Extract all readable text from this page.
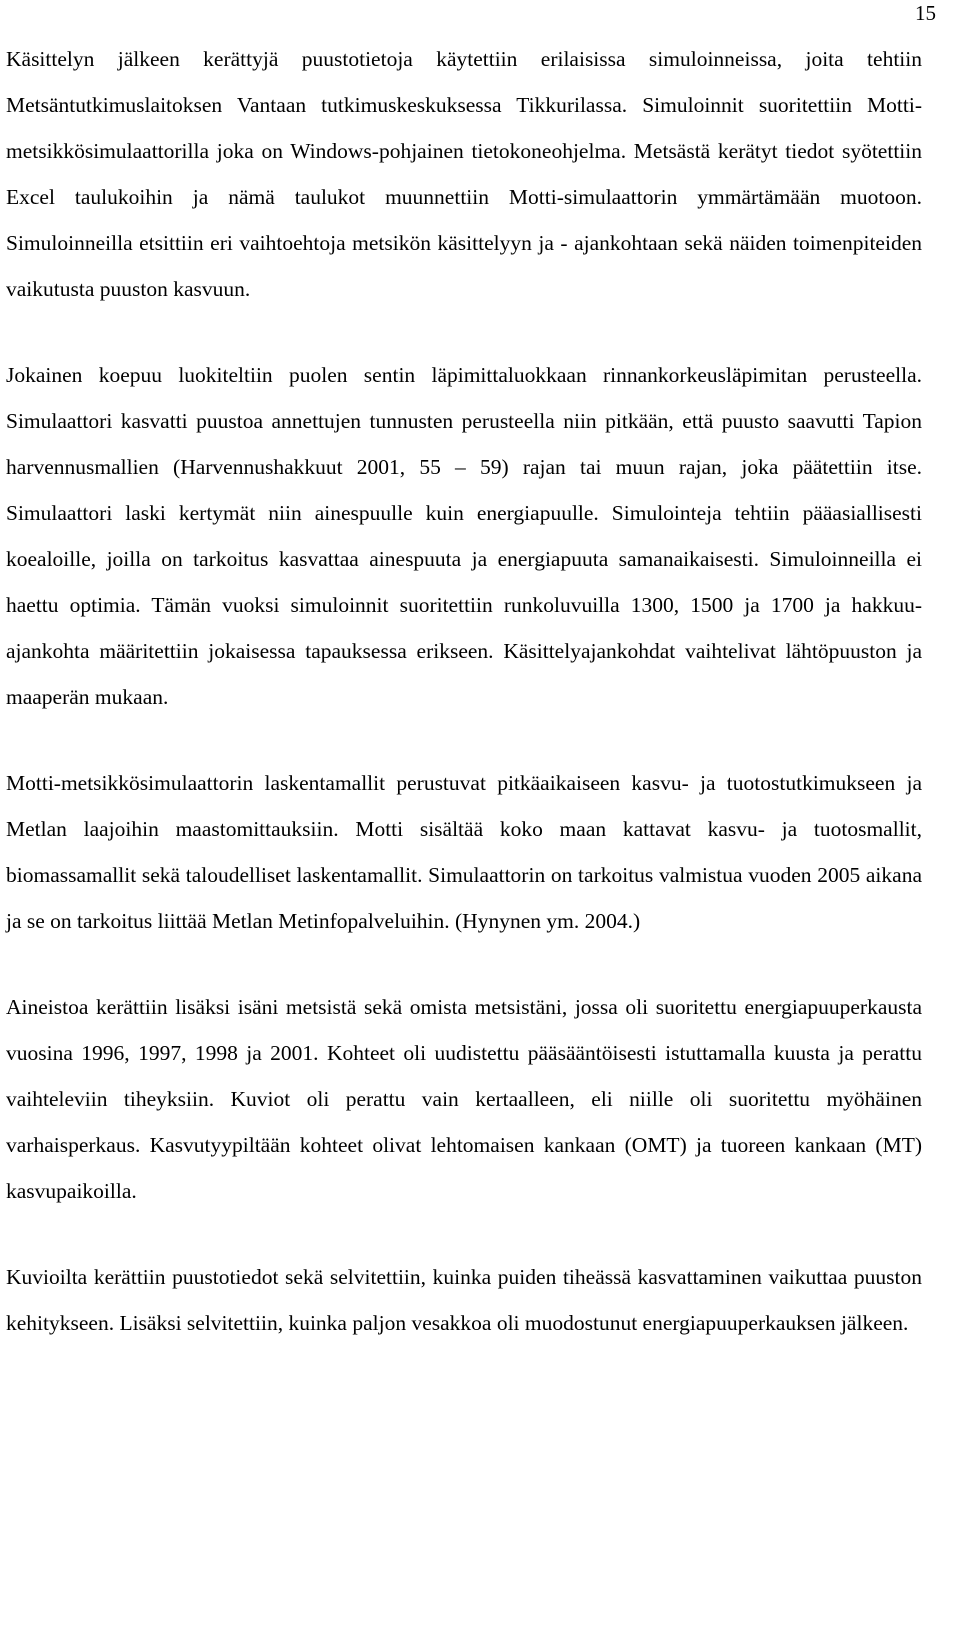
15

Käsittelyn jälkeen kerättyjä puustotietoja käytettiin erilaisissa simuloinneissa, joita tehtiin Metsäntutkimuslaitoksen Vantaan tutkimuskeskuksessa Tikkurilassa. Simuloinnit suoritettiin Motti-metsikkösimulaattorilla joka on Windows-pohjainen tietokoneohjelma. Metsästä kerätyt tiedot syötettiin Excel taulukoihin ja nämä taulukot muunnettiin Motti-simulaattorin ymmärtämään muotoon. Simuloinneilla etsittiin eri vaihtoehtoja metsikön käsittelyyn ja - ajankohtaan sekä näiden toimenpiteiden vaikutusta puuston kasvuun.

Jokainen koepuu luokiteltiin puolen sentin läpimittaluokkaan rinnankorkeusläpimitan perusteella. Simulaattori kasvatti puustoa annettujen tunnusten perusteella niin pitkään, että puusto saavutti Tapion harvennusmallien (Harvennushakkuut 2001, 55 – 59) rajan tai muun rajan, joka päätettiin itse. Simulaattori laski kertymät niin ainespuulle kuin energiapuulle. Simulointeja tehtiin pääasiallisesti koealoille, joilla on tarkoitus kasvattaa ainespuuta ja energiapuuta samanaikaisesti. Simuloinneilla ei haettu optimia. Tämän vuoksi simuloinnit suoritettiin runkoluvuilla 1300, 1500 ja 1700 ja hakkuuajankohta määritettiin jokaisessa tapauksessa erikseen. Käsittelyajankohdat vaihtelivat lähtöpuuston ja maaperän mukaan.

Motti-metsikkösimulaattorin laskentamallit perustuvat pitkäaikaiseen kasvu- ja tuotostutkimukseen ja Metlan laajoihin maastomittauksiin. Motti sisältää koko maan kattavat kasvu- ja tuotosmallit, biomassamallit sekä taloudelliset laskentamallit. Simulaattorin on tarkoitus valmistua vuoden 2005 aikana ja se on tarkoitus liittää Metlan Metinfopalveluihin. (Hynynen ym. 2004.)

Aineistoa kerättiin lisäksi isäni metsistä sekä omista metsistäni, jossa oli suoritettu energiapuuperkausta vuosina 1996, 1997, 1998 ja 2001. Kohteet oli uudistettu pääsääntöisesti istuttamalla kuusta ja perattu vaihteleviin tiheyksiin. Kuviot oli perattu vain kertaalleen, eli niille oli suoritettu myöhäinen varhaisperkaus. Kasvutyypiltään kohteet olivat lehtomaisen kankaan (OMT) ja tuoreen kankaan (MT) kasvupaikoilla.

Kuvioilta kerättiin puustotiedot sekä selvitettiin, kuinka puiden tiheässä kasvattaminen vaikuttaa puuston kehitykseen. Lisäksi selvitettiin, kuinka paljon vesakkoa oli muodostunut energiapuuperkauksen jälkeen.
